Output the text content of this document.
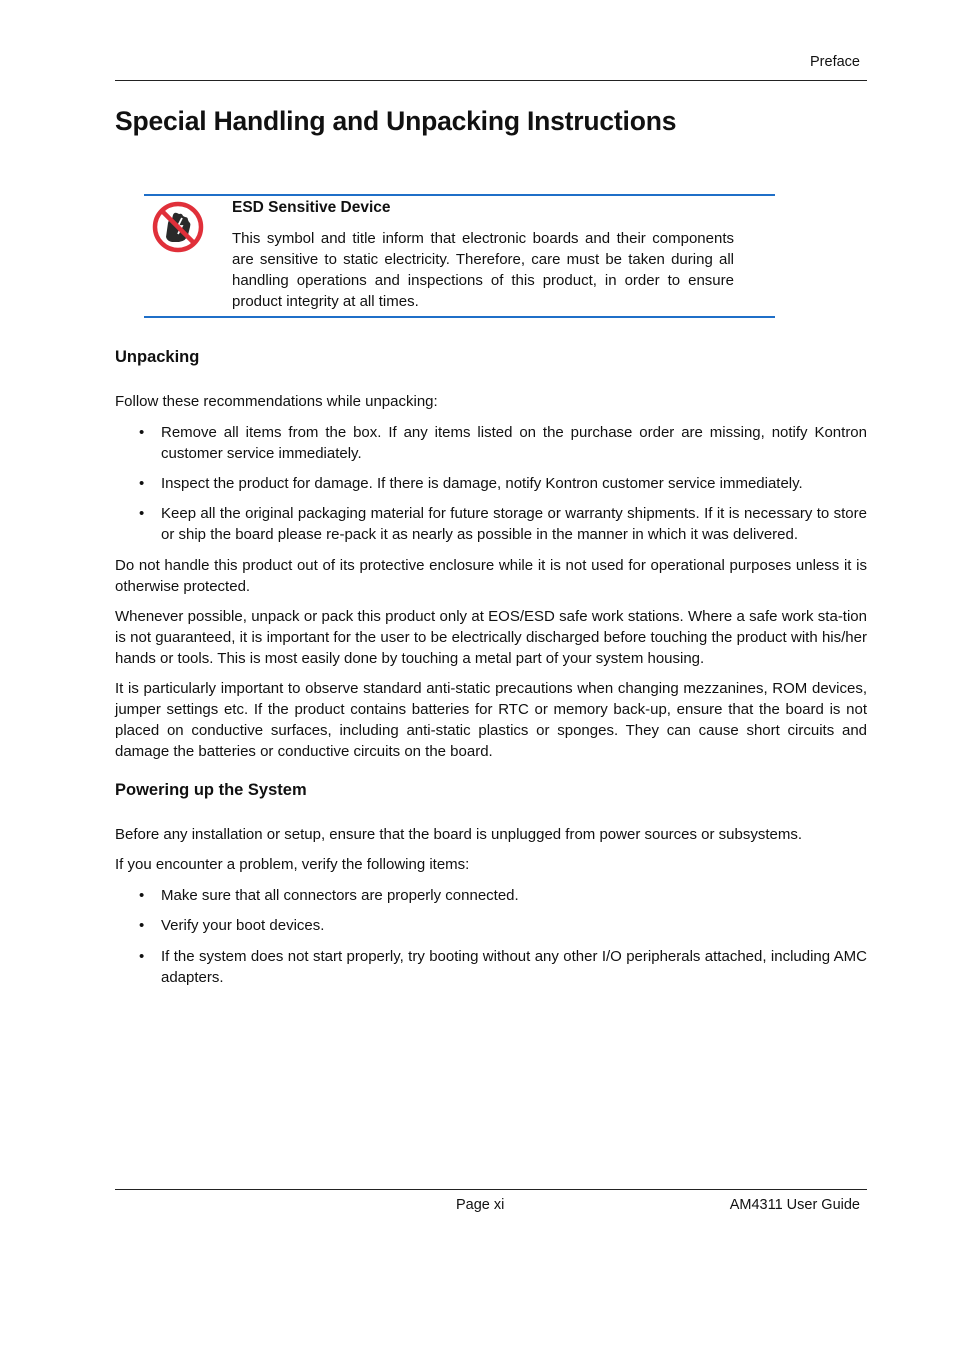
Preface
Special Handling and Unpacking Instructions
ESD Sensitive Device
This symbol and title inform that electronic boards and their components are sensitive to static electricity. Therefore, care must be taken during all handling operations and inspections of this product, in order to ensure product integrity at all times.
Unpacking

Follow these recommendations while unpacking:

• Remove all items from the box. If any items listed on the purchase order are missing, notify Kontron customer service immediately.
• Inspect the product for damage. If there is damage, notify Kontron customer service immediately.
• Keep all the original packaging material for future storage or warranty shipments. If it is necessary to store or ship the board please re-pack it as nearly as possible in the manner in which it was delivered.

Do not handle this product out of its protective enclosure while it is not used for operational purposes unless it is otherwise protected.

Whenever possible, unpack or pack this product only at EOS/ESD safe work stations. Where a safe work sta-tion is not guaranteed, it is important for the user to be electrically discharged before touching the product with his/her hands or tools. This is most easily done by touching a metal part of your system housing.

It is particularly important to observe standard anti-static precautions when changing mezzanines, ROM devices, jumper settings etc. If the product contains batteries for RTC or memory back-up, ensure that the board is not placed on conductive surfaces, including anti-static plastics or sponges. They can cause short circuits and damage the batteries or conductive circuits on the board.

Powering up the System

Before any installation or setup, ensure that the board is unplugged from power sources or subsystems.

If you encounter a problem, verify the following items:

• Make sure that all connectors are properly connected.
• Verify your boot devices.
• If the system does not start properly, try booting without any other I/O peripherals attached, including AMC adapters.
Page xi	AM4311 User Guide
